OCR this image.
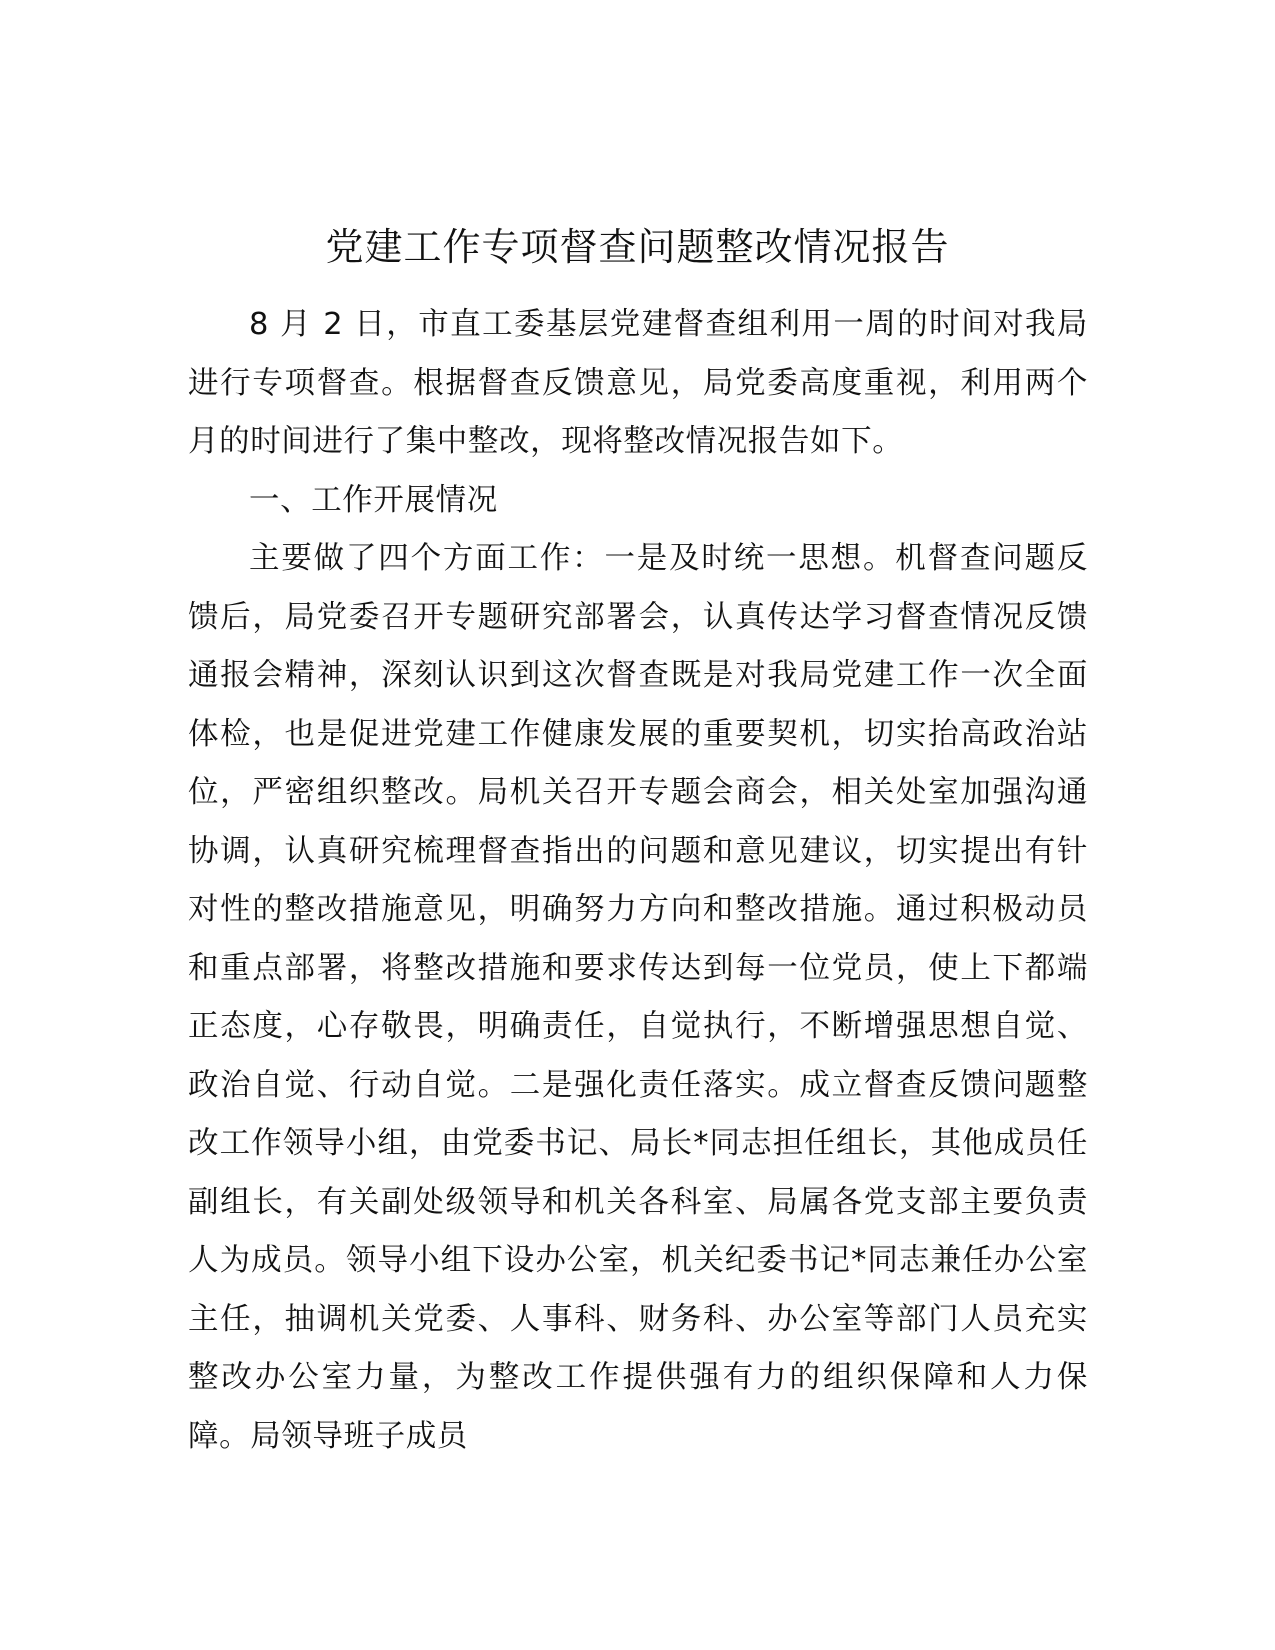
党建工作专项督查问题整改情况报告

8 月 2 日，市直工委基层党建督查组利用一周的时间对我局进行专项督查。根据督查反馈意见，局党委高度重视，利用两个月的时间进行了集中整改，现将整改情况报告如下。

一、工作开展情况

主要做了四个方面工作：一是及时统一思想。机督查问题反馈后，局党委召开专题研究部署会，认真传达学习督查情况反馈通报会精神，深刻认识到这次督查既是对我局党建工作一次全面体检，也是促进党建工作健康发展的重要契机，切实抬高政治站位，严密组织整改。局机关召开专题会商会，相关处室加强沟通协调，认真研究梳理督查指出的问题和意见建议，切实提出有针对性的整改措施意见，明确努力方向和整改措施。通过积极动员和重点部署，将整改措施和要求传达到每一位党员，使上下都端正态度，心存敬畏，明确责任，自觉执行，不断增强思想自觉、政治自觉、行动自觉。二是强化责任落实。成立督查反馈问题整改工作领导小组，由党委书记、局长*同志担任组长，其他成员任副组长，有关副处级领导和机关各科室、局属各党支部主要负责人为成员。领导小组下设办公室，机关纪委书记*同志兼任办公室主任，抽调机关党委、人事科、财务科、办公室等部门人员充实整改办公室力量，为整改工作提供强有力的组织保障和人力保障。局领导班子成员
